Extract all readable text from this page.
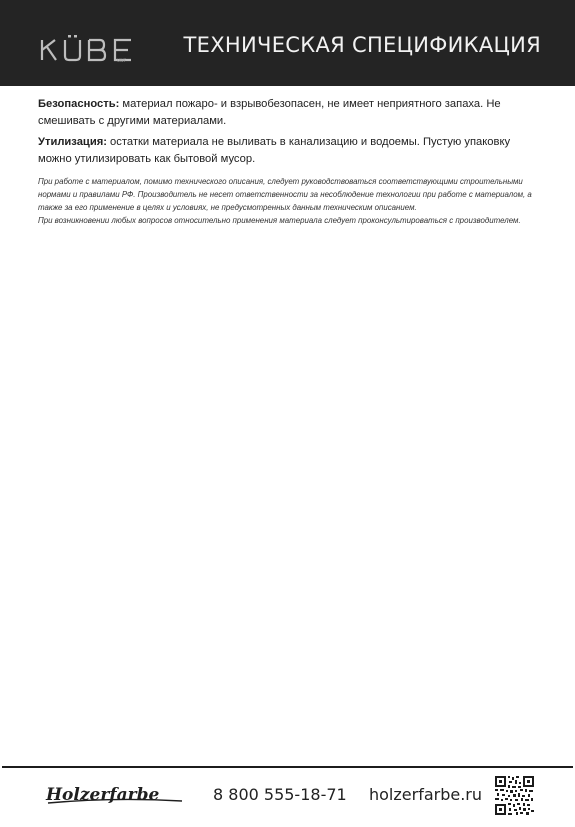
UWF
ТЕХНИЧЕСКАЯ СПЕЦИФИКАЦИЯ

Безопасность: материал пожаро- и взрывобезопасен, не имеет неприятного запаха. Не смешивать с другими материалами.

Утилизация: остатки материала не выливать в канализацию и водоемы. Пустую упаковку можно утилизировать как бытовой мусор.

При работе с материалом, помимо технического описания, следует руководствоваться соответствующими строительными нормами и правилами РФ. Производитель не несет ответственности за несоблюдение технологии при работе с материалом, а также за его применение в целях и условиях, не предусмотренных данным техническим описанием.

При возникновении любых вопросов относительно применения материала следует проконсультироваться с производителем.

Holzerfarbe	8 800 555-18-71 holzerfarbe.ru
